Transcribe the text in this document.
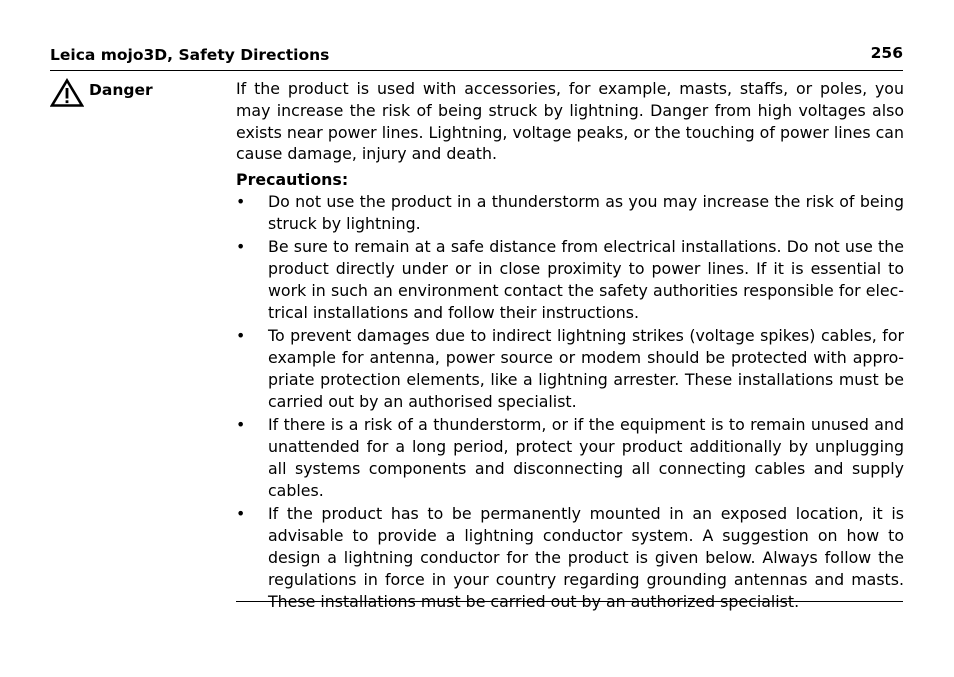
Leica mojo3D, Safety Directions	256
Danger	If the product is used with accessories, for example, masts, staffs, or poles, you may increase the risk of being struck by lightning. Danger from high voltages also exists near power lines. Lightning, voltage peaks, or the touching of power lines can cause damage, injury and death.

Precautions:

• Do not use the product in a thunderstorm as you may increase the risk of being struck by lightning.
• Be sure to remain at a safe distance from electrical installations. Do not use the product directly under or in close proximity to power lines. If it is essential to work in such an environment contact the safety authorities responsible for electrical installations and follow their instructions.
• To prevent damages due to indirect lightning strikes (voltage spikes) cables, for example for antenna, power source or modem should be protected with appropriate protection elements, like a lightning arrester. These installations must be carried out by an authorised specialist.
• If there is a risk of a thunderstorm, or if the equipment is to remain unused and unattended for a long period, protect your product additionally by unplugging all systems components and disconnecting all connecting cables and supply cables.
• If the product has to be permanently mounted in an exposed location, it is advisable to provide a lightning conductor system. A suggestion on how to design a lightning conductor for the product is given below. Always follow the regulations in force in your country regarding grounding antennas and masts. These installations must be carried out by an authorized specialist.
